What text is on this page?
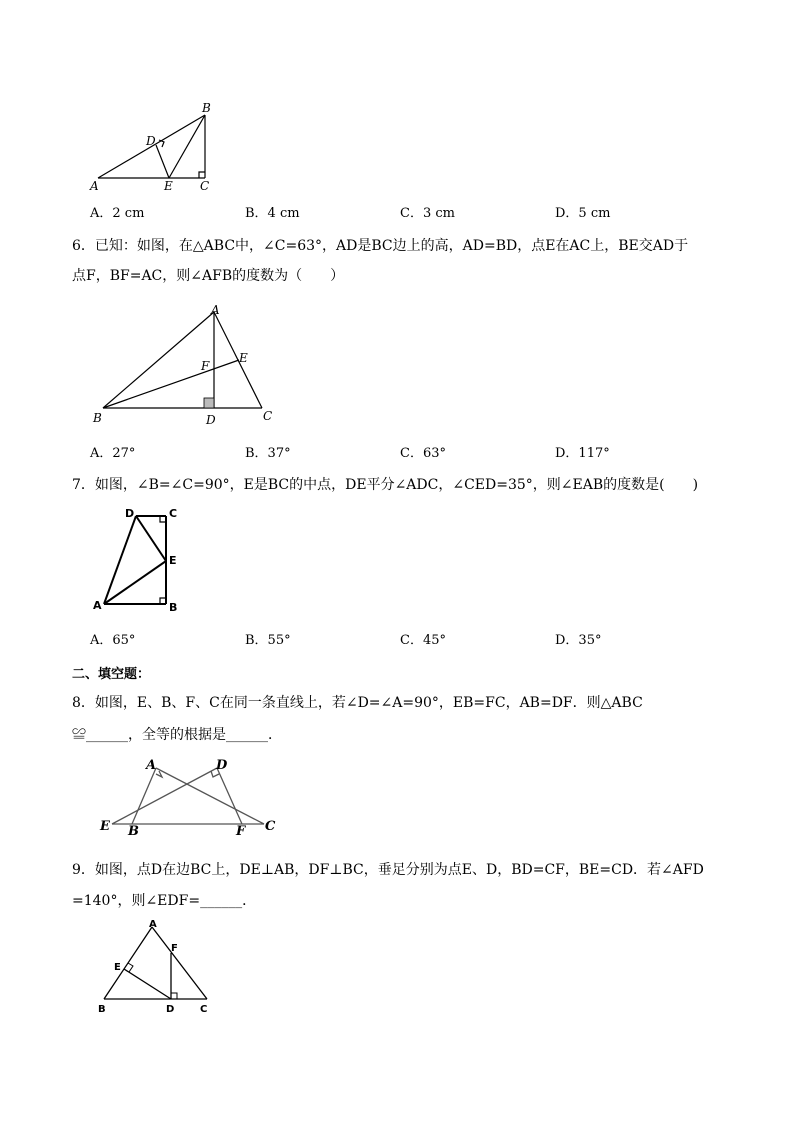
A
B
C
D
E
A．2 cm	B．4 cm	C．3 cm	D．5 cm
6．已知：如图，在△ABC中，∠C=63°，AD是BC边上的高，AD=BD，点E在AC上，BE交AD于
点F，BF=AC，则∠AFB的度数为（　　）
A
B	C
D
E
F
A．27°	B．37°	C．63°	D．117°
7．如图，∠B=∠C=90°，E是BC的中点，DE平分∠ADC，∠CED=35°，则∠EAB的度数是(　　)
D	C
E
A	B
A．65°	B．55°	C．45°	D．35°
二、填空题：
8．如图，E、B、F、C在同一条直线上，若∠D=∠A=90°，EB=FC，AB=DF．则△ABC
≌______，全等的根据是______．
A	D
E B	F C
9．如图，点D在边BC上，DE⊥AB，DF⊥BC，垂足分别为点E、D，BD=CF，BE=CD．若∠AFD
=140°，则∠EDF=______．
A
F
E
B	D	C
